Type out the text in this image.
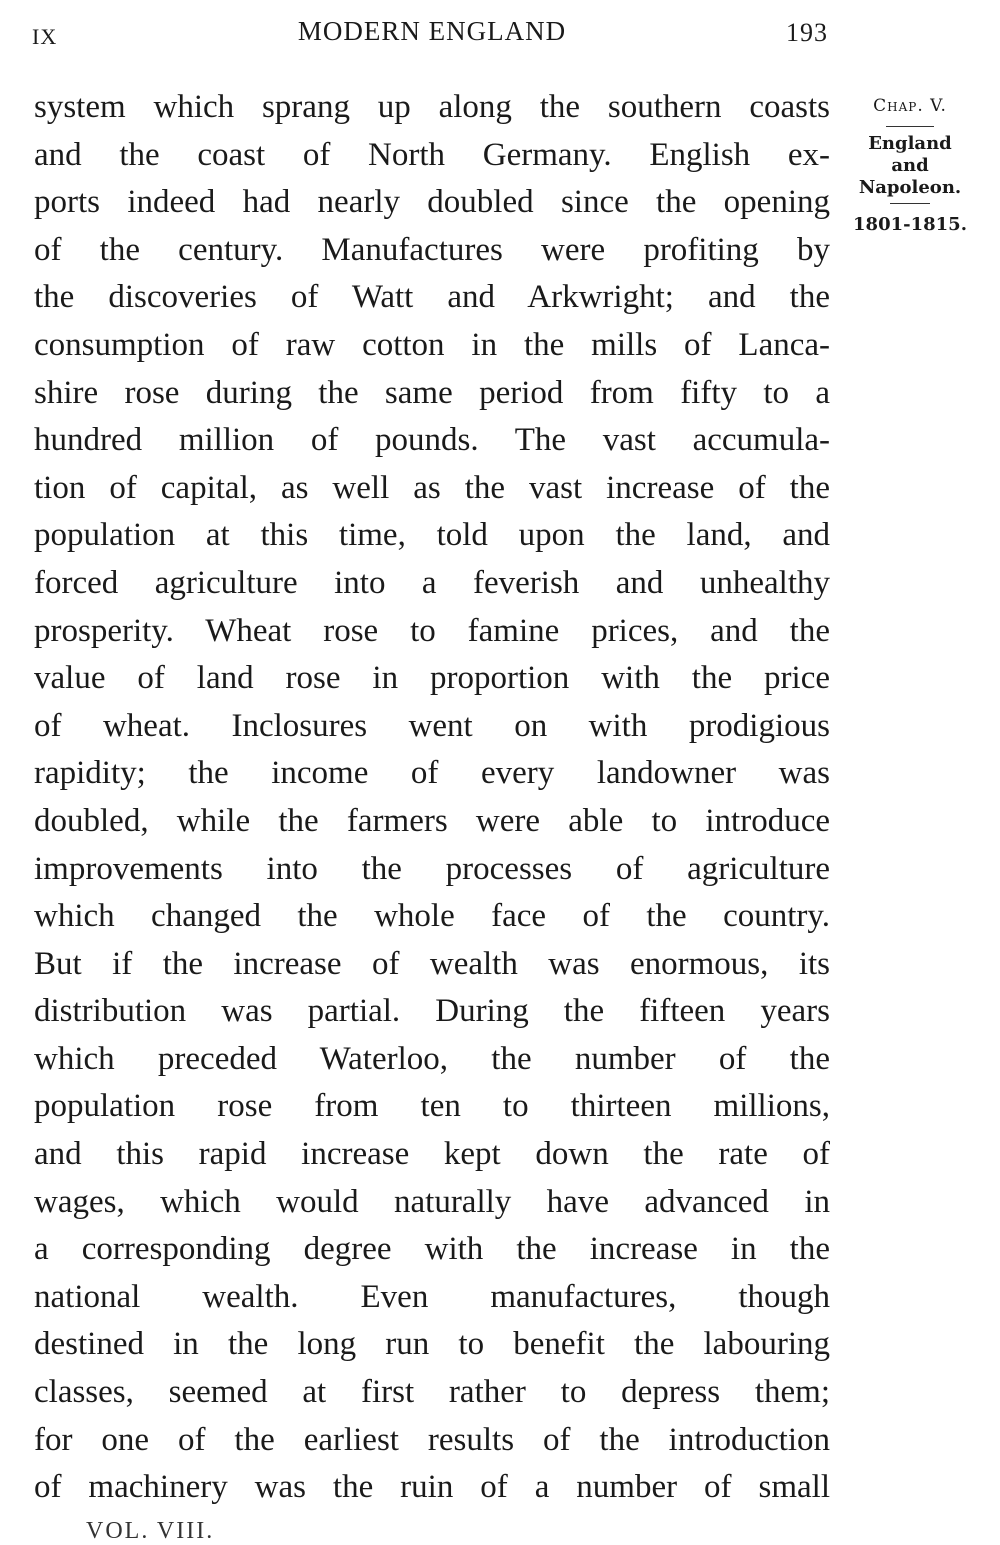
IX	MODERN ENGLAND	193
system which sprang up along the southern coasts
and the coast of North Germany. English ex-
ports indeed had nearly doubled since the opening
of the century. Manufactures were profiting by
the discoveries of Watt and Arkwright; and the
consumption of raw cotton in the mills of Lanca-
shire rose during the same period from fifty to a
hundred million of pounds. The vast accumula-
tion of capital, as well as the vast increase of the
population at this time, told upon the land, and
forced agriculture into a feverish and unhealthy
prosperity. Wheat rose to famine prices, and the
value of land rose in proportion with the price
of wheat. Inclosures went on with prodigious
rapidity; the income of every landowner was
doubled, while the farmers were able to introduce
improvements into the processes of agriculture
which changed the whole face of the country.
But if the increase of wealth was enormous, its
distribution was partial. During the fifteen years
which preceded Waterloo, the number of the
population rose from ten to thirteen millions,
and this rapid increase kept down the rate of
wages, which would naturally have advanced in
a corresponding degree with the increase in the
national wealth. Even manufactures, though
destined in the long run to benefit the labouring
classes, seemed at first rather to depress them;
for one of the earliest results of the introduction
of machinery was the ruin of a number of small
Chap. V.
England
and
Napoleon.
1801-1815.
VOL. VIII.
